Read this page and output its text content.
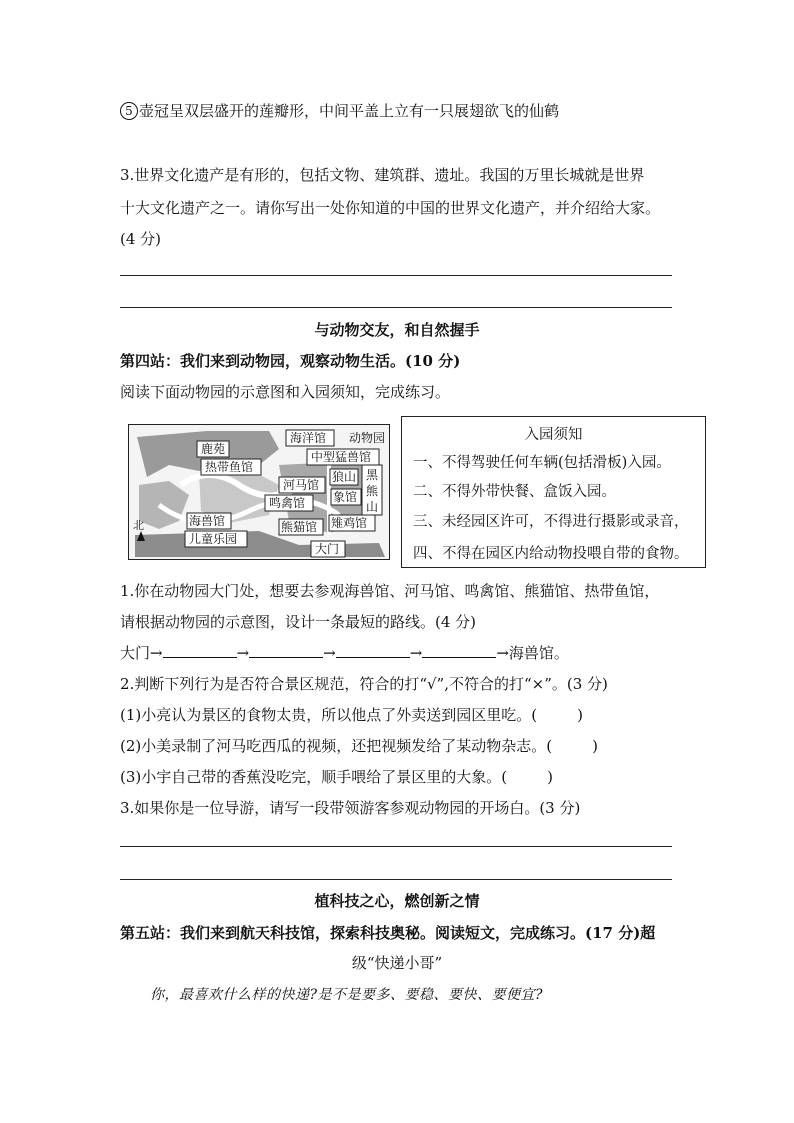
5 壶冠呈双层盛开的莲瓣形，中间平盖上立有一只展翅欲飞的仙鹤
3.世界文化遗产是有形的，包括文物、建筑群、遗址。我国的万里长城就是世界
十大文化遗产之一。请你写出一处你知道的中国的世界文化遗产，并介绍给大家。
(4 分)
与动物交友，和自然握手
第四站：我们来到动物园，观察动物生活。(10 分)
阅读下面动物园的示意图和入园须知，完成练习。
鹿苑
海洋馆 动物园
中型猛兽馆
热带鱼馆
狼山 黑
熊
山
河马馆
鸣禽馆 象馆
海兽馆	熊猫馆 雉鸡馆
儿童乐园
大门
北
入园须知
一、不得驾驶任何车辆(包括滑板)入园。
二、不得外带快餐、盒饭入园。
三、未经园区许可，不得进行摄影或录音，
四、不得在园区内给动物投喂自带的食物。
1.你在动物园大门处，想要去参观海兽馆、河马馆、鸣禽馆、熊猫馆、热带鱼馆，
请根据动物园的示意图，设计一条最短的路线。(4 分)
大门→	→	→	→	→海兽馆。
2.判断下列行为是否符合景区规范，符合的打“√”,不符合的打“×”。(3 分)
(1)小亮认为景区的食物太贵，所以他点了外卖送到园区里吃。(	)
(2)小美录制了河马吃西瓜的视频，还把视频发给了某动物杂志。(	)
(3)小宇自己带的香蕉没吃完，顺手喂给了景区里的大象。(	)
3.如果你是一位导游，请写一段带领游客参观动物园的开场白。(3 分)
植科技之心，燃创新之情
第五站：我们来到航天科技馆，探索科技奥秘。阅读短文，完成练习。(17 分)超
级“快递小哥”
你，最喜欢什么样的快递?是不是要多、要稳、要快、要便宜?
